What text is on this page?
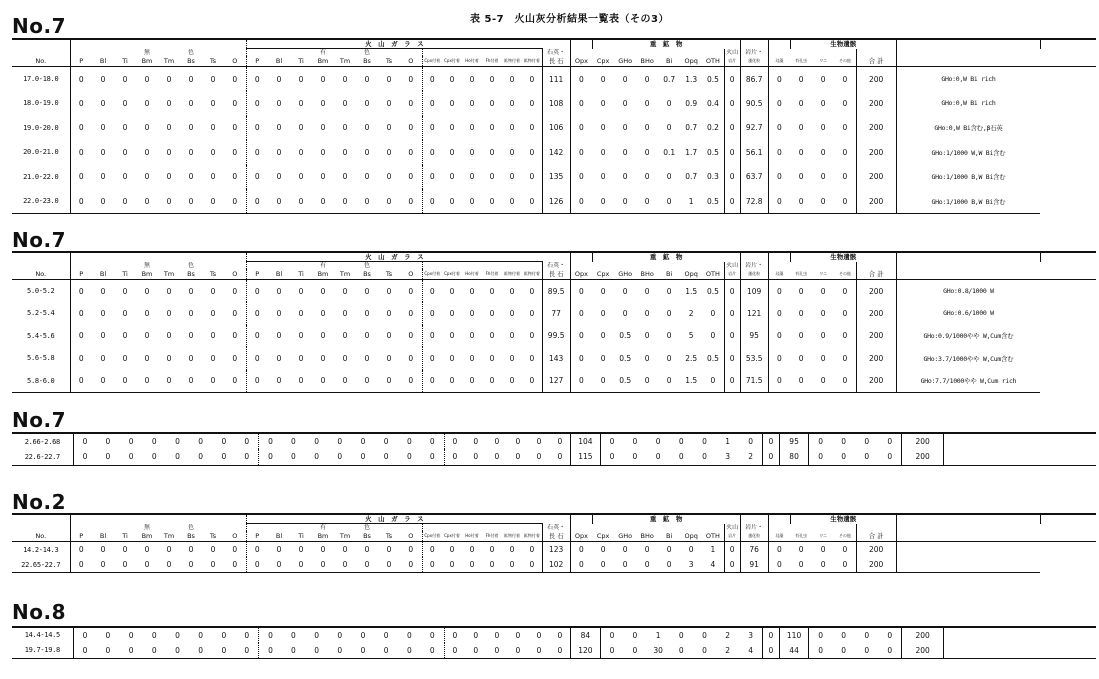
表 5-7　火山灰分析結果一覧表（その3）
No.7
									火　山　ガ　ラ　ス																重　鉱　物									生物遺骸					
				無		色						有		色									石英・								火山	岩片・							
No.	P	Bl	Ti	Bm	Tm	Bs	Ts	O	P	Bl	Ti	Bm	Tm	Bs	Ts	O	Cpx付着	Cpx付着	Ho付着	Fh付着	鉱物付着	鉱物付着	長 石	Opx	Cpx	GHo	BHo	Bi	Opq	OTH	岩片	風化粒	珪藻	有孔虫	ワニ	その他	合 計		
17.0-18.0	0	0	0	0	0	0	0	0	0	0	0	0	0	0	0	0	0	0	0	0	0	0	111	0	0	0	0	0.7	1.3	0.5	0	86.7	0	0	0	0	200	GHo:0,W Bi rich	
18.0-19.0	0	0	0	0	0	0	0	0	0	0	0	0	0	0	0	0	0	0	0	0	0	0	108	0	0	0	0	0	0.9	0.4	0	90.5	0	0	0	0	200	GHo:0,W Bi rich	
19.0-20.0	0	0	0	0	0	0	0	0	0	0	0	0	0	0	0	0	0	0	0	0	0	0	106	0	0	0	0	0	0.7	0.2	0	92.7	0	0	0	0	200	GHo:0,W Bi含む,β石英	
20.0-21.0	0	0	0	0	0	0	0	0	0	0	0	0	0	0	0	0	0	0	0	0	0	0	142	0	0	0	0	0.1	1.7	0.5	0	56.1	0	0	0	0	200	GHo:1/1000 W,W Bi含む	
21.0-22.0	0	0	0	0	0	0	0	0	0	0	0	0	0	0	0	0	0	0	0	0	0	0	135	0	0	0	0	0	0.7	0.3	0	63.7	0	0	0	0	200	GHo:1/1000 B,W Bi含む	
22.0-23.0	0	0	0	0	0	0	0	0	0	0	0	0	0	0	0	0	0	0	0	0	0	0	126	0	0	0	0	0	1	0.5	0	72.8	0	0	0	0	200	GHo:1/1000 B,W Bi含む	
No.7
									火　山　ガ　ラ　ス																重　鉱　物									生物遺骸					
				無		色						有		色									石英・								火山	岩片・							
No.	P	Bl	Ti	Bm	Tm	Bs	Ts	O	P	Bl	Ti	Bm	Tm	Bs	Ts	O	Cpx付着	Cpx付着	Ho付着	Fh付着	鉱物付着	鉱物付着	長 石	Opx	Cpx	GHo	BHo	Bi	Opq	OTH	岩片	風化粒	珪藻	有孔虫	ワニ	その他	合 計		
5.0-5.2	0	0	0	0	0	0	0	0	0	0	0	0	0	0	0	0	0	0	0	0	0	0	89.5	0	0	0	0	0	1.5	0.5	0	109	0	0	0	0	200	GHo:0.8/1000 W	
5.2-5.4	0	0	0	0	0	0	0	0	0	0	0	0	0	0	0	0	0	0	0	0	0	0	77	0	0	0	0	0	2	0	0	121	0	0	0	0	200	GHo:0.6/1000 W	
5.4-5.6	0	0	0	0	0	0	0	0	0	0	0	0	0	0	0	0	0	0	0	0	0	0	99.5	0	0	0.5	0	0	5	0	0	95	0	0	0	0	200	GHo:0.9/1000やや W,Cum含む	
5.6-5.8	0	0	0	0	0	0	0	0	0	0	0	0	0	0	0	0	0	0	0	0	0	0	143	0	0	0.5	0	0	2.5	0.5	0	53.5	0	0	0	0	200	GHo:3.7/1000やや W,Cum含む	
5.8-6.0	0	0	0	0	0	0	0	0	0	0	0	0	0	0	0	0	0	0	0	0	0	0	127	0	0	0.5	0	0	1.5	0	0	71.5	0	0	0	0	200	GHo:7.7/1000やや W,Cum rich	
No.7
2.66-2.68	0	0	0	0	0	0	0	0	0	0	0	0	0	0	0	0	0	0	0	0	0	0	104	0	0	0	0	0	1	0	0	95	0	0	0	0	200	
22.6-22.7	0	0	0	0	0	0	0	0	0	0	0	0	0	0	0	0	0	0	0	0	0	0	115	0	0	0	0	0	3	2	0	80	0	0	0	0	200	
No.2
									火　山　ガ　ラ　ス																重　鉱　物									生物遺骸					
				無		色						有		色									石英・								火山	岩片・							
No.	P	Bl	Ti	Bm	Tm	Bs	Ts	O	P	Bl	Ti	Bm	Tm	Bs	Ts	O	Cpx付着	Cpx付着	Ho付着	Fh付着	鉱物付着	鉱物付着	長 石	Opx	Cpx	GHo	BHo	Bi	Opq	OTH	岩片	風化粒	珪藻	有孔虫	ワニ	その他	合 計		
14.2-14.3	0	0	0	0	0	0	0	0	0	0	0	0	0	0	0	0	0	0	0	0	0	0	123	0	0	0	0	0	0	1	0	76	0	0	0	0	200		
22.65-22.7	0	0	0	0	0	0	0	0	0	0	0	0	0	0	0	0	0	0	0	0	0	0	102	0	0	0	0	0	3	4	0	91	0	0	0	0	200		
No.8
14.4-14.5	0	0	0	0	0	0	0	0	0	0	0	0	0	0	0	0	0	0	0	0	0	0	84	0	0	1	0	0	2	3	0	110	0	0	0	0	200	
19.7-19.8	0	0	0	0	0	0	0	0	0	0	0	0	0	0	0	0	0	0	0	0	0	0	120	0	0	30	0	0	2	4	0	44	0	0	0	0	200	
